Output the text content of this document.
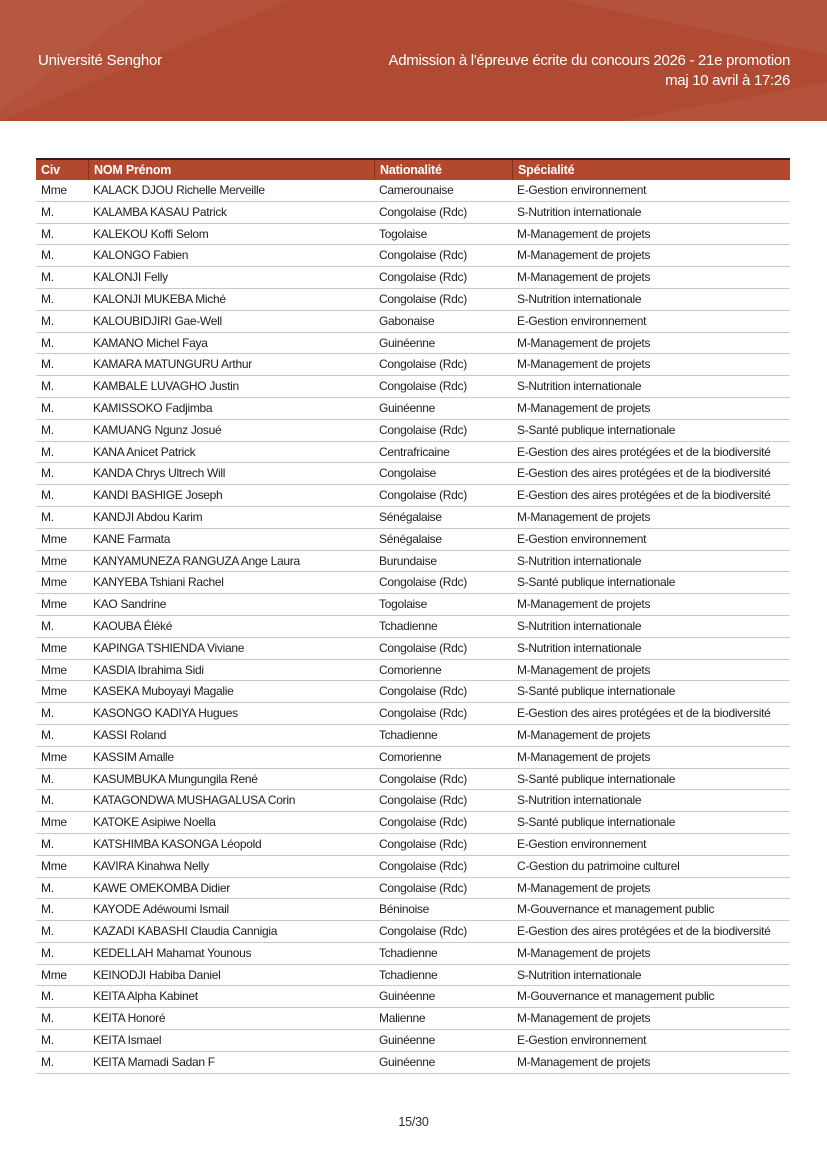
Université Senghor	Admission à l'épreuve écrite du concours 2026 - 21e promotion
maj 10 avril à 17:26
Civ	NOM Prénom	Nationalité	Spécialité
Mme	KALACK DJOU Richelle Merveille	Camerounaise	E-Gestion environnement
M.	KALAMBA KASAU Patrick	Congolaise (Rdc)	S-Nutrition internationale
M.	KALEKOU Koffi Selom	Togolaise	M-Management de projets
M.	KALONGO Fabien	Congolaise (Rdc)	M-Management de projets
M.	KALONJI Felly	Congolaise (Rdc)	M-Management de projets
M.	KALONJI MUKEBA Miché	Congolaise (Rdc)	S-Nutrition internationale
M.	KALOUBIDJIRI Gae-Well	Gabonaise	E-Gestion environnement
M.	KAMANO Michel Faya	Guinéenne	M-Management de projets
M.	KAMARA MATUNGURU Arthur	Congolaise (Rdc)	M-Management de projets
M.	KAMBALE LUVAGHO Justin	Congolaise (Rdc)	S-Nutrition internationale
M.	KAMISSOKO Fadjimba	Guinéenne	M-Management de projets
M.	KAMUANG Ngunz Josué	Congolaise (Rdc)	S-Santé publique internationale
M.	KANA Anicet Patrick	Centrafricaine	E-Gestion des aires protégées et de la biodiversité
M.	KANDA Chrys Ultrech Will	Congolaise	E-Gestion des aires protégées et de la biodiversité
M.	KANDI BASHIGE Joseph	Congolaise (Rdc)	E-Gestion des aires protégées et de la biodiversité
M.	KANDJI Abdou Karim	Sénégalaise	M-Management de projets
Mme	KANE Farmata	Sénégalaise	E-Gestion environnement
Mme	KANYAMUNEZA RANGUZA Ange Laura	Burundaise	S-Nutrition internationale
Mme	KANYEBA Tshiani Rachel	Congolaise (Rdc)	S-Santé publique internationale
Mme	KAO Sandrine	Togolaise	M-Management de projets
M.	KAOUBA Éléké	Tchadienne	S-Nutrition internationale
Mme	KAPINGA TSHIENDA Viviane	Congolaise (Rdc)	S-Nutrition internationale
Mme	KASDIA Ibrahima Sidi	Comorienne	M-Management de projets
Mme	KASEKA Muboyayi Magalie	Congolaise (Rdc)	S-Santé publique internationale
M.	KASONGO KADIYA Hugues	Congolaise (Rdc)	E-Gestion des aires protégées et de la biodiversité
M.	KASSI Roland	Tchadienne	M-Management de projets
Mme	KASSIM Amalle	Comorienne	M-Management de projets
M.	KASUMBUKA Mungungila René	Congolaise (Rdc)	S-Santé publique internationale
M.	KATAGONDWA MUSHAGALUSA Corin	Congolaise (Rdc)	S-Nutrition internationale
Mme	KATOKE Asipiwe Noella	Congolaise (Rdc)	S-Santé publique internationale
M.	KATSHIMBA KASONGA Léopold	Congolaise (Rdc)	E-Gestion environnement
Mme	KAVIRA Kinahwa Nelly	Congolaise (Rdc)	C-Gestion du patrimoine culturel
M.	KAWE OMEKOMBA Didier	Congolaise (Rdc)	M-Management de projets
M.	KAYODE Adéwoumi Ismail	Béninoise	M-Gouvernance et management public
M.	KAZADI KABASHI Claudia Cannigia	Congolaise (Rdc)	E-Gestion des aires protégées et de la biodiversité
M.	KEDELLAH Mahamat Younous	Tchadienne	M-Management de projets
Mme	KEINODJI Habiba Daniel	Tchadienne	S-Nutrition internationale
M.	KEITA Alpha Kabinet	Guinéenne	M-Gouvernance et management public
M.	KEITA Honoré	Malienne	M-Management de projets
M.	KEITA Ismael	Guinéenne	E-Gestion environnement
M.	KEITA Mamadi Sadan F	Guinéenne	M-Management de projets
15/30
